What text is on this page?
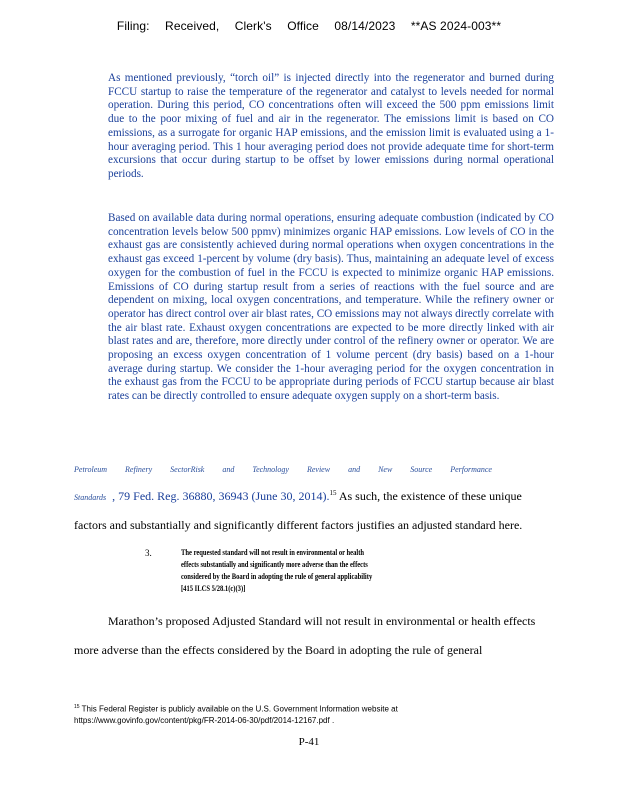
Filing: Received, Clerk's Office 08/14/2023 **AS 2024-003**
As mentioned previously, “torch oil” is injected directly into the regenerator and burned during FCCU startup to raise the temperature of the regenerator and catalyst to levels needed for normal operation. During this period, CO concentrations often will exceed the 500 ppm emissions limit due to the poor mixing of fuel and air in the regenerator. The emissions limit is based on CO emissions, as a surrogate for organic HAP emissions, and the emission limit is evaluated using a 1-hour averaging period. This 1 hour averaging period does not provide adequate time for short-term excursions that occur during startup to be offset by lower emissions during normal operational periods.
Based on available data during normal operations, ensuring adequate combustion (indicated by CO concentration levels below 500 ppmv) minimizes organic HAP emissions. Low levels of CO in the exhaust gas are consistently achieved during normal operations when oxygen concentrations in the exhaust gas exceed 1-percent by volume (dry basis). Thus, maintaining an adequate level of excess oxygen for the combustion of fuel in the FCCU is expected to minimize organic HAP emissions. Emissions of CO during startup result from a series of reactions with the fuel source and are dependent on mixing, local oxygen concentrations, and temperature. While the refinery owner or operator has direct control over air blast rates, CO emissions may not always directly correlate with the air blast rate. Exhaust oxygen concentrations are expected to be more directly linked with air blast rates and are, therefore, more directly under control of the refinery owner or operator. We are proposing an excess oxygen concentration of 1 volume percent (dry basis) based on a 1-hour average during startup. We consider the 1-hour averaging period for the oxygen concentration in the exhaust gas from the FCCU to be appropriate during periods of FCCU startup because air blast rates can be directly controlled to ensure adequate oxygen supply on a short-term basis.
Petroleum Refinery SectorRisk and Technology Review and New Source Performance
Standards , 79 Fed. Reg. 36880, 36943 (June 30, 2014).$^{15}$ As such, the existence of these unique
factors and substantially and significantly different factors justifies an adjusted standard here.
3.	The requested standard will not result in environmental or health effects substantially and significantly more adverse than the effects considered by the Board in adopting the rule of general applicability [415 ILCS 5/28.1(c)(3)]
Marathon’s proposed Adjusted Standard will not result in environmental or health effects
more adverse than the effects considered by the Board in adopting the rule of general
$^{15}$ This Federal Register is publicly available on the U.S. Government Information website at
https://www.govinfo.gov/content/pkg/FR-2014-06-30/pdf/2014-12167.pdf .
P-41
